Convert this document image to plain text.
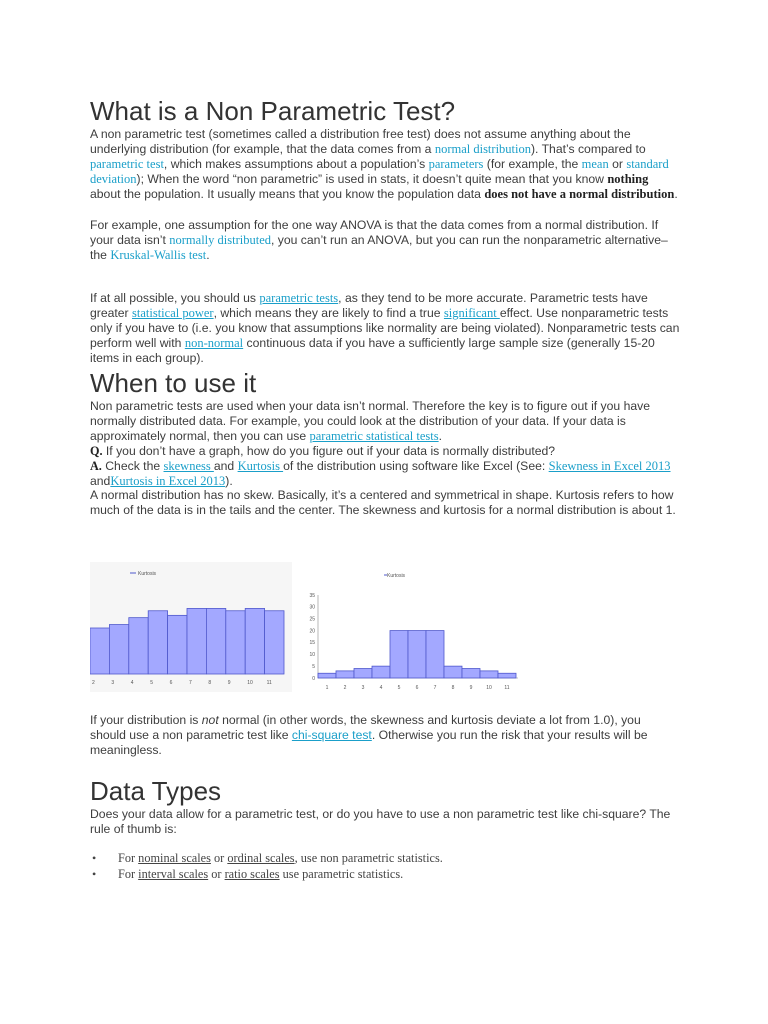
What is a Non Parametric Test?
A non parametric test (sometimes called a distribution free test) does not assume anything about the underlying distribution (for example, that the data comes from a normal distribution). That’s compared to parametric test, which makes assumptions about a population’s parameters (for example, the mean or standard deviation); When the word “non parametric” is used in stats, it doesn’t quite mean that you know nothing about the population. It usually means that you know the population data does not have a normal distribution.
For example, one assumption for the one way ANOVA is that the data comes from a normal distribution. If your data isn’t normally distributed, you can’t run an ANOVA, but you can run the nonparametric alternative–the Kruskal-Wallis test.
If at all possible, you should us parametric tests, as they tend to be more accurate. Parametric tests have greater statistical power, which means they are likely to find a true significant effect. Use nonparametric tests only if you have to (i.e. you know that assumptions like normality are being violated). Nonparametric tests can perform well with non-normal continuous data if you have a sufficiently large sample size (generally 15-20 items in each group).
When to use it
Non parametric tests are used when your data isn’t normal. Therefore the key is to figure out if you have normally distributed data. For example, you could look at the distribution of your data. If your data is approximately normal, then you can use parametric statistical tests.
Q. If you don’t have a graph, how do you figure out if your data is normally distributed?
A. Check the skewness and Kurtosis of the distribution using software like Excel (See: Skewness in Excel 2013 andKurtosis in Excel 2013).
A normal distribution has no skew. Basically, it’s a centered and symmetrical in shape. Kurtosis refers to how much of the data is in the tails and the center. The skewness and kurtosis for a normal distribution is about 1.
If your distribution is not normal (in other words, the skewness and kurtosis deviate a lot from 1.0), you should use a non parametric test like chi-square test. Otherwise you run the risk that your results will be meaningless.
Data Types
Does your data allow for a parametric test, or do you have to use a non parametric test like chi-square? The rule of thumb is:
• For nominal scales or ordinal scales, use non parametric statistics.
• For interval scales or ratio scales use parametric statistics.
Kurtosis
2	3	4	5	6	7	8	9	10	11
Kurtosis
0
5
10
15
20
25
30
35
1	2	3	4	5	6	7	8	9	10	11
